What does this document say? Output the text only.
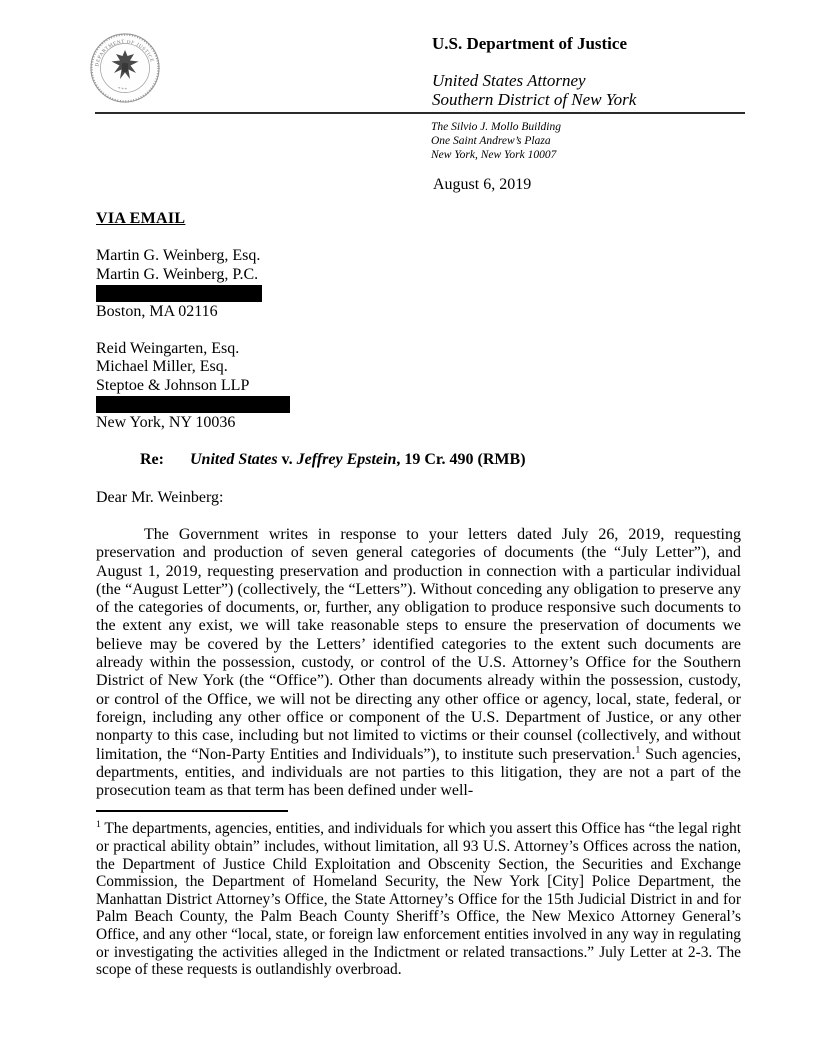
DEPARTMENT OF JUSTICE
* * *
U.S. Department of Justice
United States Attorney
Southern District of New York
The Silvio J. Mollo Building
One Saint Andrew’s Plaza
New York, New York 10007
August 6, 2019
VIA EMAIL
Martin G. Weinberg, Esq.
Martin G. Weinberg, P.C.
Boston, MA 02116
Reid Weingarten, Esq.
Michael Miller, Esq.
Steptoe & Johnson LLP
New York, NY 10036
Re: United States v. Jeffrey Epstein, 19 Cr. 490 (RMB)
Dear Mr. Weinberg:

The Government writes in response to your letters dated July 26, 2019, requesting preservation and production of seven general categories of documents (the “July Letter”), and August 1, 2019, requesting preservation and production in connection with a particular individual (the “August Letter”) (collectively, the “Letters”). Without conceding any obligation to preserve any of the categories of documents, or, further, any obligation to produce responsive such documents to the extent any exist, we will take reasonable steps to ensure the preservation of documents we believe may be covered by the Letters’ identified categories to the extent such documents are already within the possession, custody, or control of the U.S. Attorney’s Office for the Southern District of New York (the “Office”). Other than documents already within the possession, custody, or control of the Office, we will not be directing any other office or agency, local, state, federal, or foreign, including any other office or component of the U.S. Department of Justice, or any other nonparty to this case, including but not limited to victims or their counsel (collectively, and without limitation, the “Non-Party Entities and Individuals”), to institute such preservation.$^1$ Such agencies, departments, entities, and individuals are not parties to this litigation, they are not a part of the prosecution team as that term has been defined under well-

$^1$ The departments, agencies, entities, and individuals for which you assert this Office has “the legal right or practical ability obtain” includes, without limitation, all 93 U.S. Attorney’s Offices across the nation, the Department of Justice Child Exploitation and Obscenity Section, the Securities and Exchange Commission, the Department of Homeland Security, the New York [City] Police Department, the Manhattan District Attorney’s Office, the State Attorney’s Office for the 15th Judicial District in and for Palm Beach County, the Palm Beach County Sheriff’s Office, the New Mexico Attorney General’s Office, and any other “local, state, or foreign law enforcement entities involved in any way in regulating or investigating the activities alleged in the Indictment or related transactions.” July Letter at 2-3. The scope of these requests is outlandishly overbroad.
